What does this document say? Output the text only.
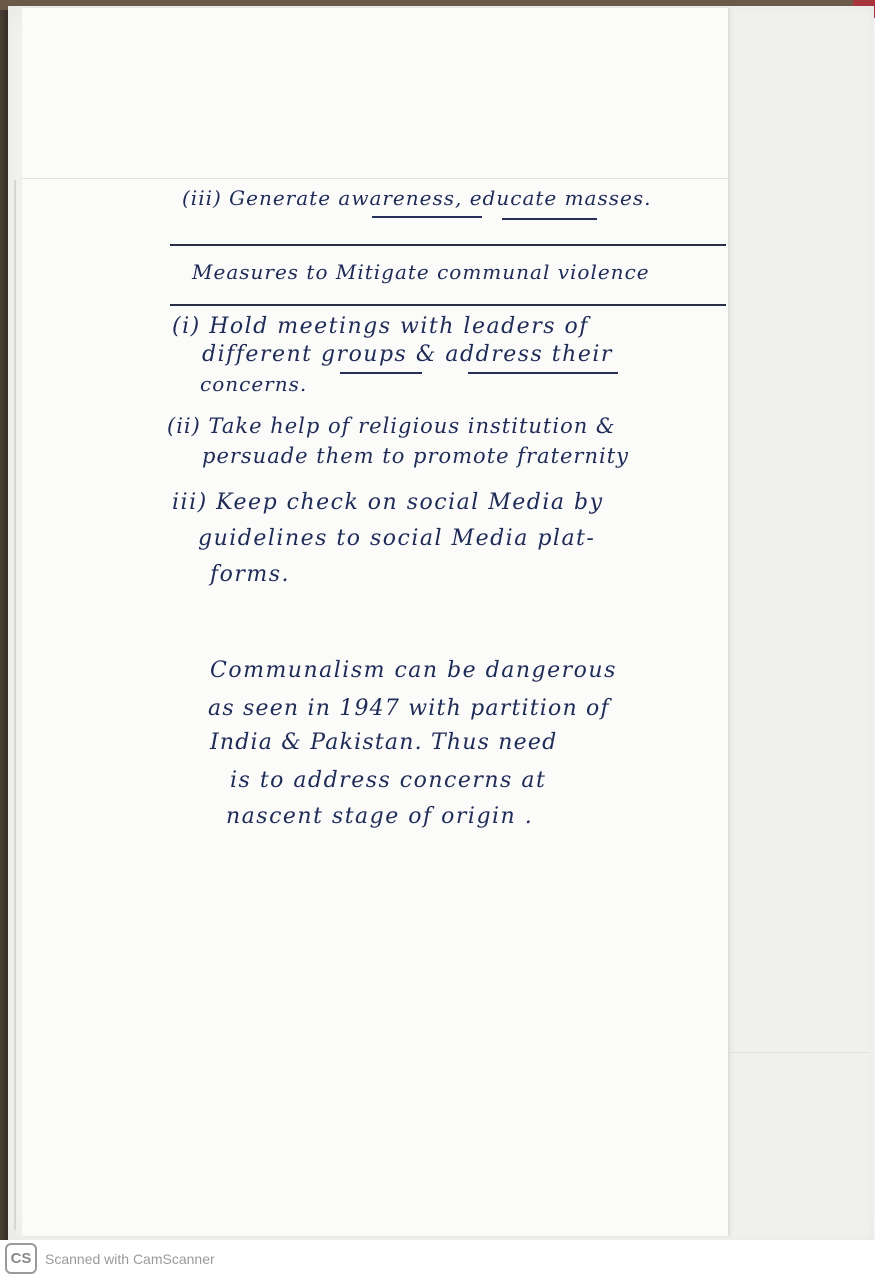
(iii) Generate awareness, educate masses.
Measures to Mitigate communal violence
(i) Hold meetings with leaders of
different groups & address their
concerns.
(ii) Take help of religious institution &
persuade them to promote fraternity
iii) Keep check on social Media by
guidelines to social Media plat-
forms.
Communalism can be dangerous
as seen in 1947 with partition of
India & Pakistan. Thus need
is to address concerns at
nascent stage of origin .
CS Scanned with CamScanner
